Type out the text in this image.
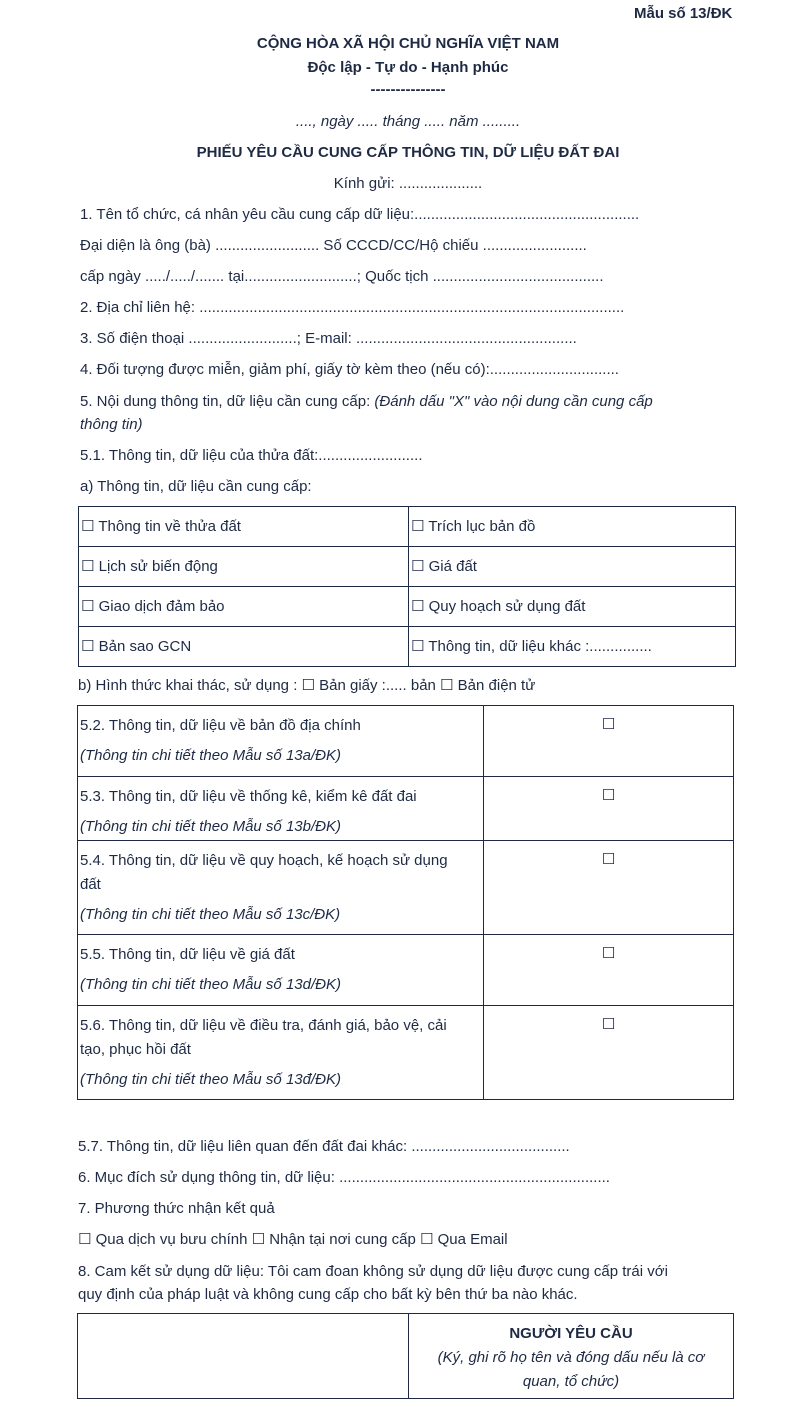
Mẫu số 13/ĐK
CỘNG HÒA XÃ HỘI CHỦ NGHĨA VIỆT NAM
Độc lập - Tự do - Hạnh phúc
---------------
...., ngày ..... tháng ..... năm .........
PHIẾU YÊU CẦU CUNG CẤP THÔNG TIN, DỮ LIỆU ĐẤT ĐAI
Kính gửi: ....................
1. Tên tổ chức, cá nhân yêu cầu cung cấp dữ liệu:......................................................
Đại diện là ông (bà) ......................... Số CCCD/CC/Hộ chiếu .........................
cấp ngày ...../...../....... tại...........................; Quốc tịch .........................................
2. Địa chỉ liên hệ: ......................................................................................................
3. Số điện thoại ..........................; E-mail: .....................................................
4. Đối tượng được miễn, giảm phí, giấy tờ kèm theo (nếu có):...............................
5. Nội dung thông tin, dữ liệu cần cung cấp: (Đánh dấu "X" vào nội dung cần cung cấp
thông tin)
5.1. Thông tin, dữ liệu của thửa đất:.........................
a) Thông tin, dữ liệu cần cung cấp:
☐ Thông tin về thửa đất	☐ Trích lục bản đồ
☐ Lịch sử biến động	☐ Giá đất
☐ Giao dịch đảm bảo	☐ Quy hoạch sử dụng đất
☐ Bản sao GCN	☐ Thông tin, dữ liệu khác :...............
b) Hình thức khai thác, sử dụng : ☐ Bản giấy :..... bản ☐ Bản điện tử
5.2. Thông tin, dữ liệu về bản đồ địa chính
(Thông tin chi tiết theo Mẫu số 13a/ĐK)	☐

5.3. Thông tin, dữ liệu về thống kê, kiểm kê đất đai
(Thông tin chi tiết theo Mẫu số 13b/ĐK)	☐

5.4. Thông tin, dữ liệu về quy hoạch, kế hoạch sử dụng
đất
(Thông tin chi tiết theo Mẫu số 13c/ĐK)	☐

5.5. Thông tin, dữ liệu về giá đất
(Thông tin chi tiết theo Mẫu số 13d/ĐK)	☐

5.6. Thông tin, dữ liệu về điều tra, đánh giá, bảo vệ, cải
tạo, phục hồi đất
(Thông tin chi tiết theo Mẫu số 13đ/ĐK)	☐
5.7. Thông tin, dữ liệu liên quan đến đất đai khác: ......................................
6. Mục đích sử dụng thông tin, dữ liệu: .................................................................
7. Phương thức nhận kết quả
☐ Qua dịch vụ bưu chính ☐ Nhận tại nơi cung cấp ☐ Qua Email
8. Cam kết sử dụng dữ liệu: Tôi cam đoan không sử dụng dữ liệu được cung cấp trái với
quy định của pháp luật và không cung cấp cho bất kỳ bên thứ ba nào khác.

NGƯỜI YÊU CẦU
(Ký, ghi rõ họ tên và đóng dấu nếu là cơ
quan, tổ chức)
